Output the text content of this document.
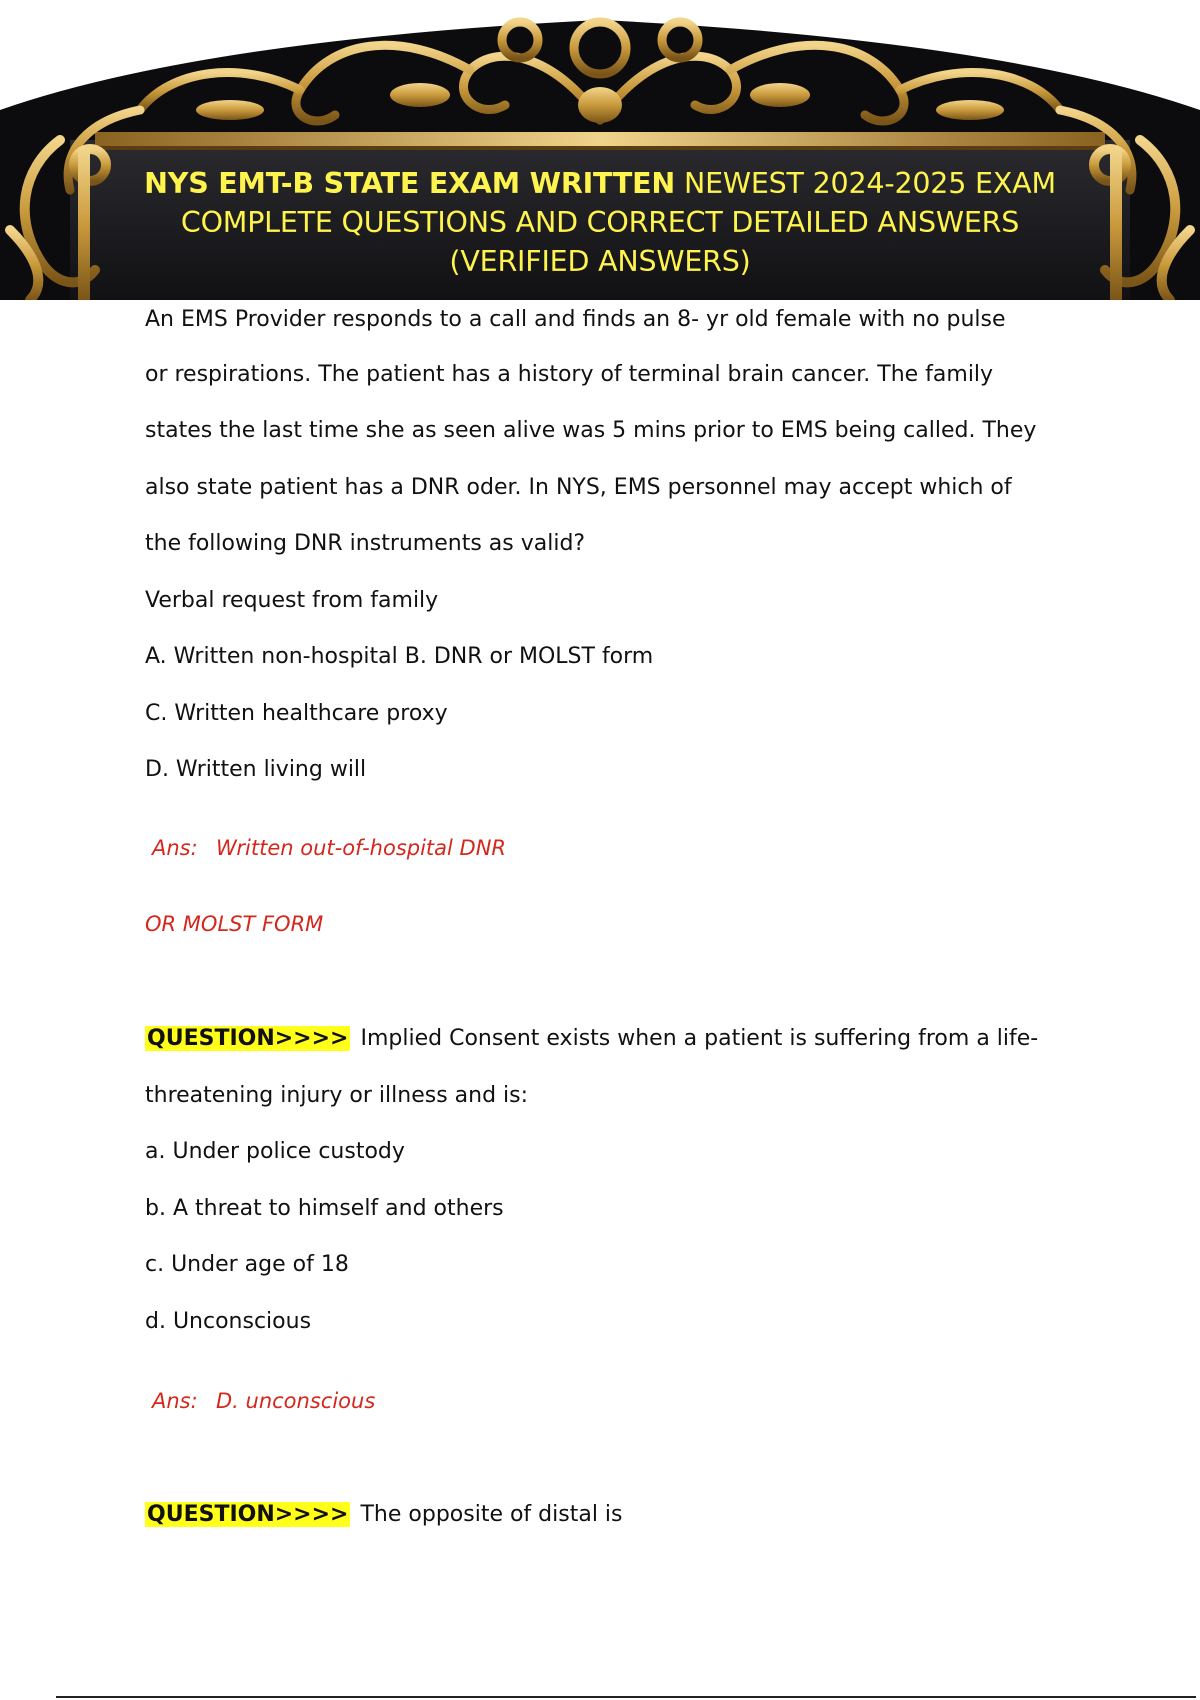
NYS EMT-B STATE EXAM WRITTEN NEWEST 2024-2025 EXAM
COMPLETE QUESTIONS AND CORRECT DETAILED ANSWERS
(VERIFIED ANSWERS)
An EMS Provider responds to a call and finds an 8- yr old female with no pulse
or respirations. The patient has a history of terminal brain cancer. The family
states the last time she as seen alive was 5 mins prior to EMS being called. They
also state patient has a DNR oder. In NYS, EMS personnel may accept which of
the following DNR instruments as valid?
Verbal request from family
A. Written non-hospital B. DNR or MOLST form
C. Written healthcare proxy
D. Written living will
Ans: Written out-of-hospital DNR
OR MOLST FORM
QUESTION>>>> Implied Consent exists when a patient is suffering from a life-
threatening injury or illness and is:
a. Under police custody
b. A threat to himself and others
c. Under age of 18
d. Unconscious
Ans: D. unconscious
QUESTION>>>> The opposite of distal is
